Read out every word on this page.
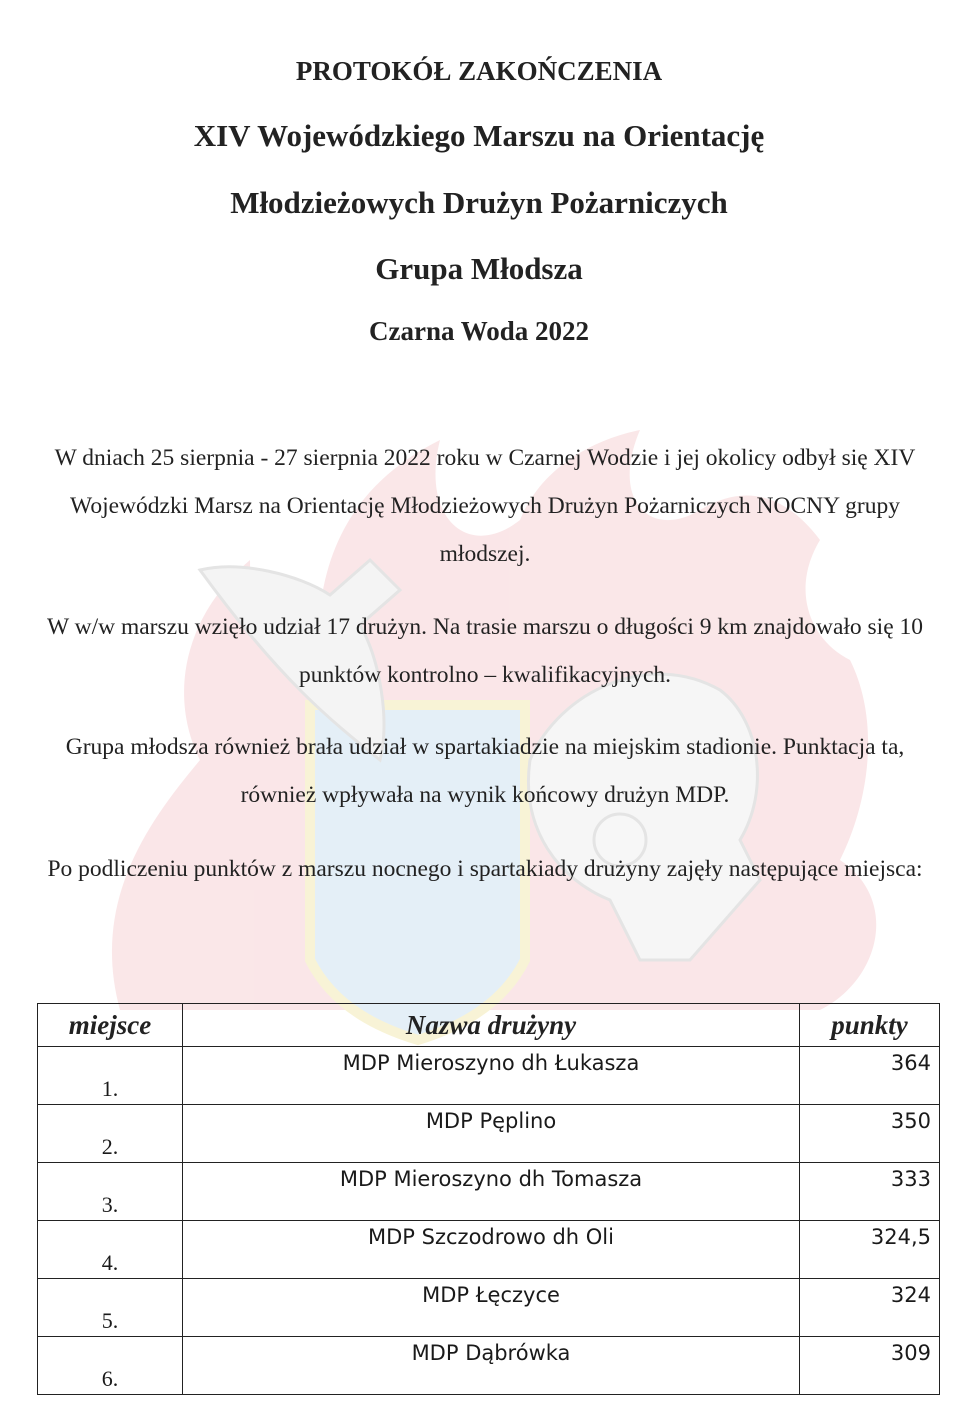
PROTOKÓŁ ZAKOŃCZENIA
XIV Wojewódzkiego Marszu na Orientację
Młodzieżowych Drużyn Pożarniczych
Grupa Młodsza
Czarna Woda 2022

W dniach 25 sierpnia - 27 sierpnia 2022 roku w Czarnej Wodzie i jej okolicy odbył się XIV Wojewódzki Marsz na Orientację Młodzieżowych Drużyn Pożarniczych NOCNY grupy młodszej.

W w/w marszu wzięło udział 17 drużyn. Na trasie marszu o długości 9 km znajdowało się 10 punktów kontrolno – kwalifikacyjnych.

Grupa młodsza również brała udział w spartakiadzie na miejskim stadionie. Punktacja ta, również wpływała na wynik końcowy drużyn MDP.

Po podliczeniu punktów z marszu nocnego i spartakiady drużyny zajęły następujące miejsca:

miejsce	Nazwa drużyny	punkty

1.	MDP Mieroszyno dh Łukasza	364

2.	MDP Pęplino	350

3.	MDP Mieroszyno dh Tomasza	333

4.	MDP Szczodrowo dh Oli	324,5

5.	MDP Łęczyce	324

6.	MDP Dąbrówka	309
